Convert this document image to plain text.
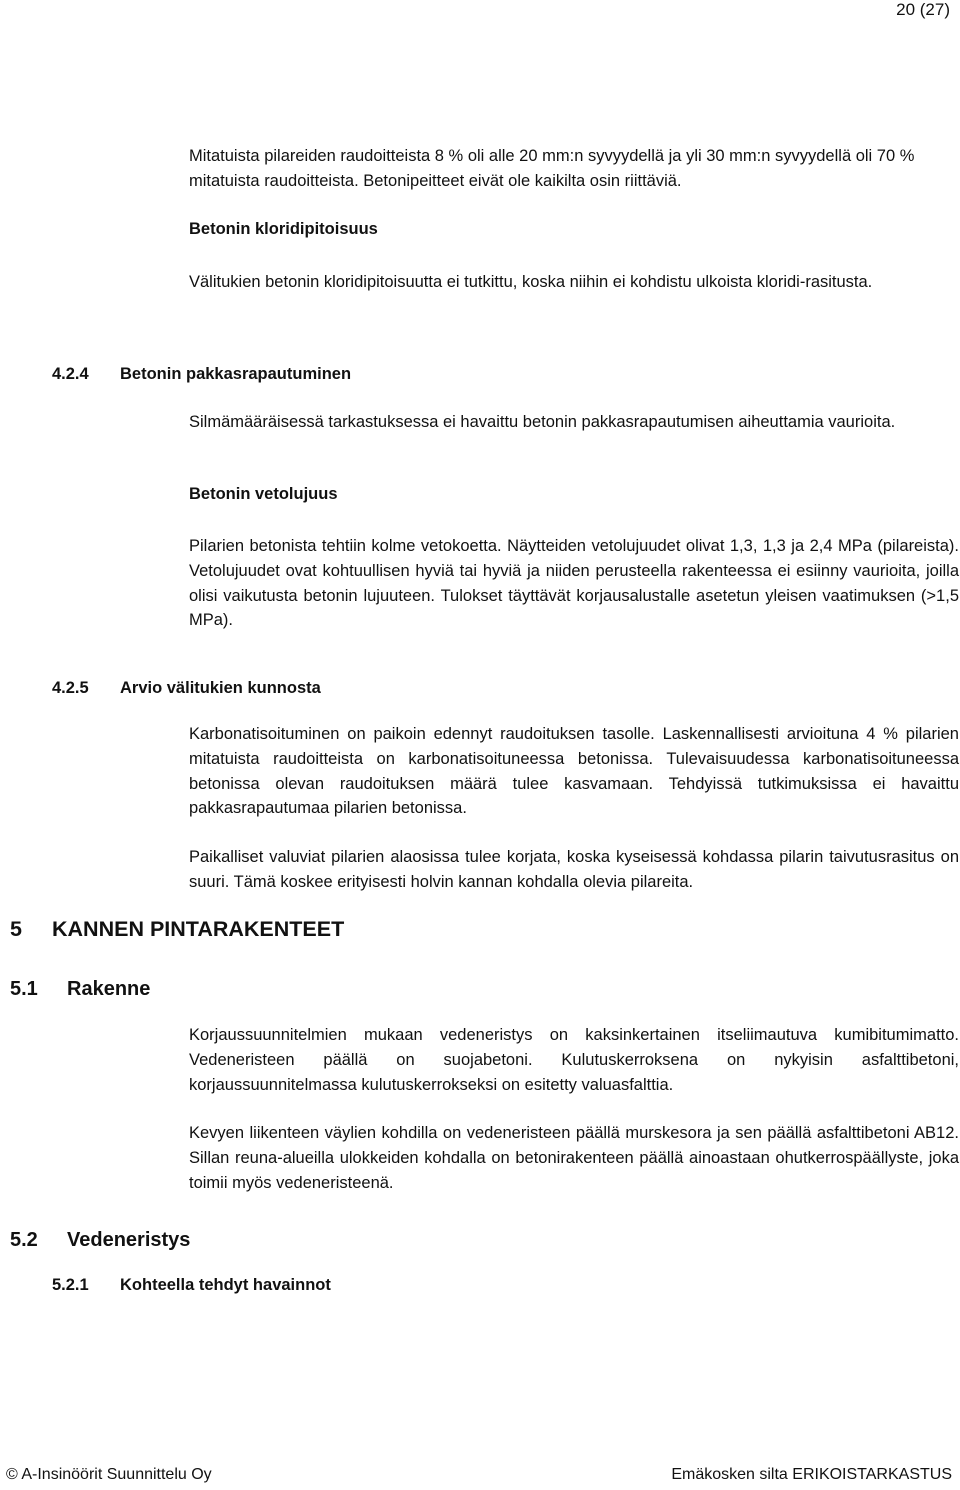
20 (27)

Mitatuista pilareiden raudoitteista 8 % oli alle 20 mm:n syvyydellä ja yli 30 mm:n syvyydellä oli 70 % mitatuista raudoitteista. Betonipeitteet eivät ole kaikilta osin riittäviä.

Betonin kloridipitoisuus

Välitukien betonin kloridipitoisuutta ei tutkittu, koska niihin ei kohdistu ulkoista kloridi-rasitusta.

4.2.4 Betonin pakkasrapautuminen

Silmämääräisessä tarkastuksessa ei havaittu betonin pakkasrapautumisen aiheuttamia vaurioita.

Betonin vetolujuus

Pilarien betonista tehtiin kolme vetokoetta. Näytteiden vetolujuudet olivat 1,3, 1,3 ja 2,4 MPa (pilareista). Vetolujuudet ovat kohtuullisen hyviä tai hyviä ja niiden perusteella rakenteessa ei esiinny vaurioita, joilla olisi vaikutusta betonin lujuuteen. Tulokset täyttävät korjausalustalle asetetun yleisen vaatimuksen (>1,5 MPa).

4.2.5 Arvio välitukien kunnosta

Karbonatisoituminen on paikoin edennyt raudoituksen tasolle. Laskennallisesti arvioituna 4 % pilarien mitatuista raudoitteista on karbonatisoituneessa betonissa. Tulevaisuudessa karbonatisoituneessa betonissa olevan raudoituksen määrä tulee kasvamaan. Tehdyissä tutkimuksissa ei havaittu pakkasrapautumaa pilarien betonissa.

Paikalliset valuviat pilarien alaosissa tulee korjata, koska kyseisessä kohdassa pilarin taivutusrasitus on suuri. Tämä koskee erityisesti holvin kannan kohdalla olevia pilareita.

5 KANNEN PINTARAKENTEET
5.1 Rakenne

Korjaussuunnitelmien mukaan vedeneristys on kaksinkertainen itseliimautuva kumibitumimatto. Vedeneristeen päällä on suojabetoni. Kulutuskerroksena on nykyisin asfalttibetoni, korjaussuunnitelmassa kulutuskerrokseksi on esitetty valuasfalttia.

Kevyen liikenteen väylien kohdilla on vedeneristeen päällä murskesora ja sen päällä asfalttibetoni AB12. Sillan reuna-alueilla ulokkeiden kohdalla on betonirakenteen päällä ainoastaan ohutkerrospäällyste, joka toimii myös vedeneristeenä.

5.2 Vedeneristys
5.2.1 Kohteella tehdyt havainnot
© A-Insinöörit Suunnittelu Oy	Emäkosken silta ERIKOISTARKASTUS
